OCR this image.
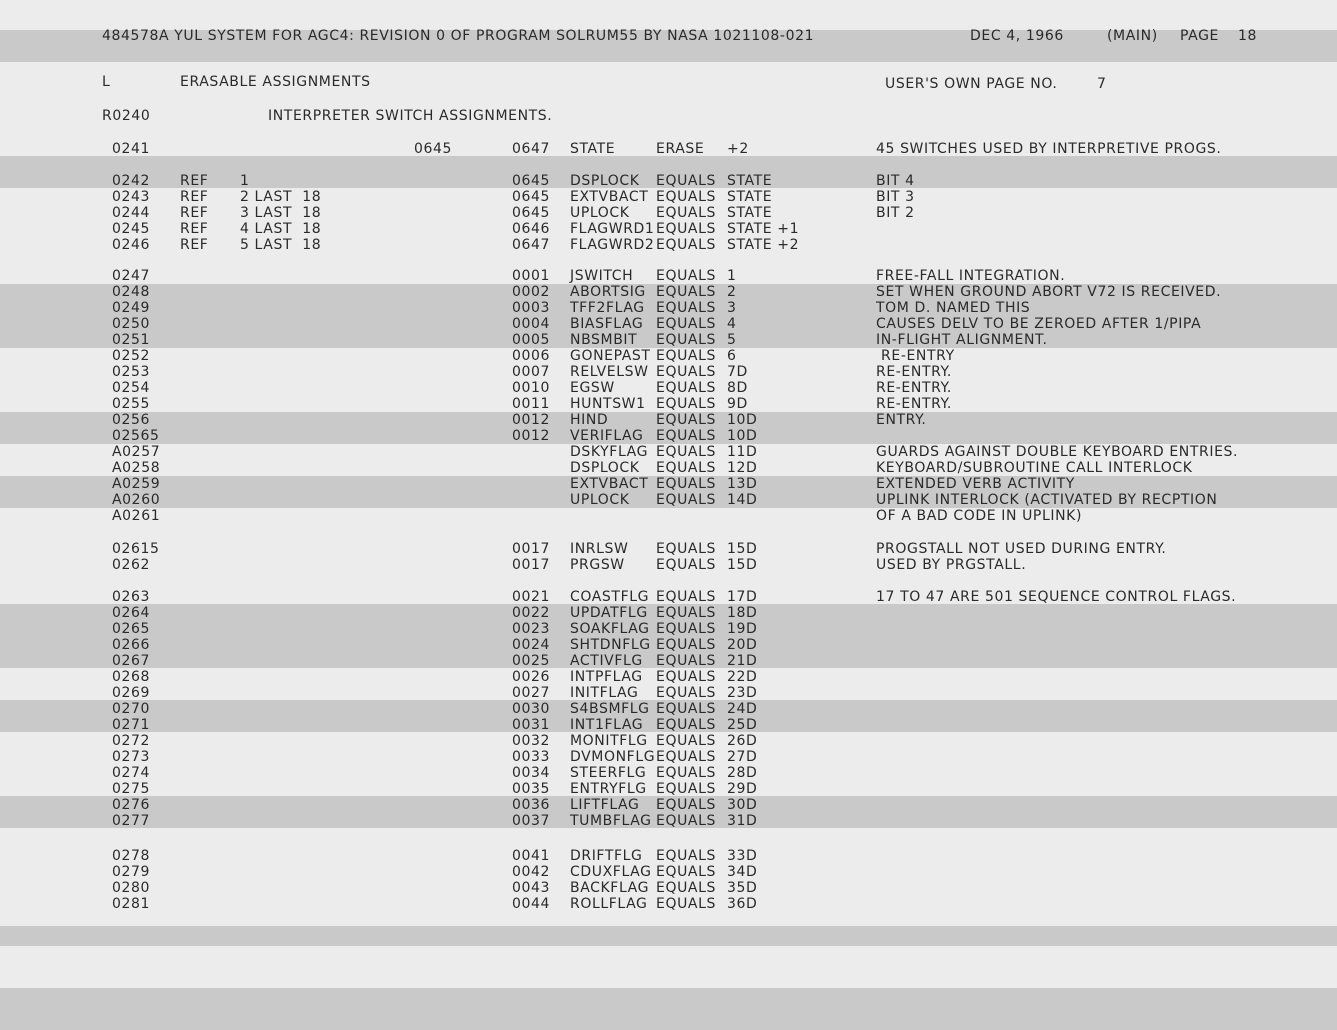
484578A YUL SYSTEM FOR AGC4: REVISION 0 OF PROGRAM SOLRUM55 BY NASA 1021108-021	DEC 4, 1966	(MAIN) PAGE 18
L	ERASABLE ASSIGNMENTS	USER'S OWN PAGE NO.	7
R0240	INTERPRETER SWITCH ASSIGNMENTS.
0241	0645	0647 STATE	ERASE +2	45 SWITCHES USED BY INTERPRETIVE PROGS.
0242 REF 1	0645 DSPLOCK EQUALS STATE	BIT 4
0243 REF 2 LAST  18	0645 EXTVBACT EQUALS STATE	BIT 3
0244 REF 3 LAST  18	0645 UPLOCK EQUALS STATE	BIT 2
0245 REF 4 LAST  18	0646 FLAGWRD1 EQUALS STATE +1
0246 REF 5 LAST  18	0647 FLAGWRD2 EQUALS STATE +2
0247	0001 JSWITCH EQUALS 1	FREE-FALL INTEGRATION.
0248	0002 ABORTSIG EQUALS 2	SET WHEN GROUND ABORT V72 IS RECEIVED.
0249	0003 TFF2FLAG EQUALS 3	TOM D. NAMED THIS
0250	0004 BIASFLAG EQUALS 4	CAUSES DELV TO BE ZEROED AFTER 1/PIPA
0251	0005 NBSMBIT EQUALS 5	IN-FLIGHT ALIGNMENT.
0252	0006 GONEPAST EQUALS 6	RE-ENTRY
0253	0007 RELVELSW EQUALS 7D	RE-ENTRY.
0254	0010 EGSW	EQUALS 8D	RE-ENTRY.
0255	0011 HUNTSW1 EQUALS 9D	RE-ENTRY.
0256	0012 HIND	EQUALS 10D	ENTRY.
02565	0012 VERIFLAG EQUALS 10D
A0257	DSKYFLAG EQUALS 11D	GUARDS AGAINST DOUBLE KEYBOARD ENTRIES.
A0258	DSPLOCK EQUALS 12D	KEYBOARD/SUBROUTINE CALL INTERLOCK
A0259	EXTVBACT EQUALS 13D	EXTENDED VERB ACTIVITY
A0260	UPLOCK EQUALS 14D	UPLINK INTERLOCK (ACTIVATED BY RECPTION
A0261	OF A BAD CODE IN UPLINK)
02615	0017 INRLSW EQUALS 15D	PROGSTALL NOT USED DURING ENTRY.
0262	0017 PRGSW EQUALS 15D	USED BY PRGSTALL.
0263	0021 COASTFLG EQUALS 17D	17 TO 47 ARE 501 SEQUENCE CONTROL FLAGS.
0264	0022 UPDATFLG EQUALS 18D
0265	0023 SOAKFLAG EQUALS 19D
0266	0024 SHTDNFLG EQUALS 20D
0267	0025 ACTIVFLG EQUALS 21D
0268	0026 INTPFLAG EQUALS 22D
0269	0027 INITFLAG EQUALS 23D
0270	0030 S4BSMFLG EQUALS 24D
0271	0031 INT1FLAG EQUALS 25D
0272	0032 MONITFLG EQUALS 26D
0273	0033 DVMONFLG EQUALS 27D
0274	0034 STEERFLG EQUALS 28D
0275	0035 ENTRYFLG EQUALS 29D
0276	0036 LIFTFLAG EQUALS 30D
0277	0037 TUMBFLAG EQUALS 31D
0278	0041 DRIFTFLG EQUALS 33D
0279	0042 CDUXFLAG EQUALS 34D
0280	0043 BACKFLAG EQUALS 35D
0281	0044 ROLLFLAG EQUALS 36D
